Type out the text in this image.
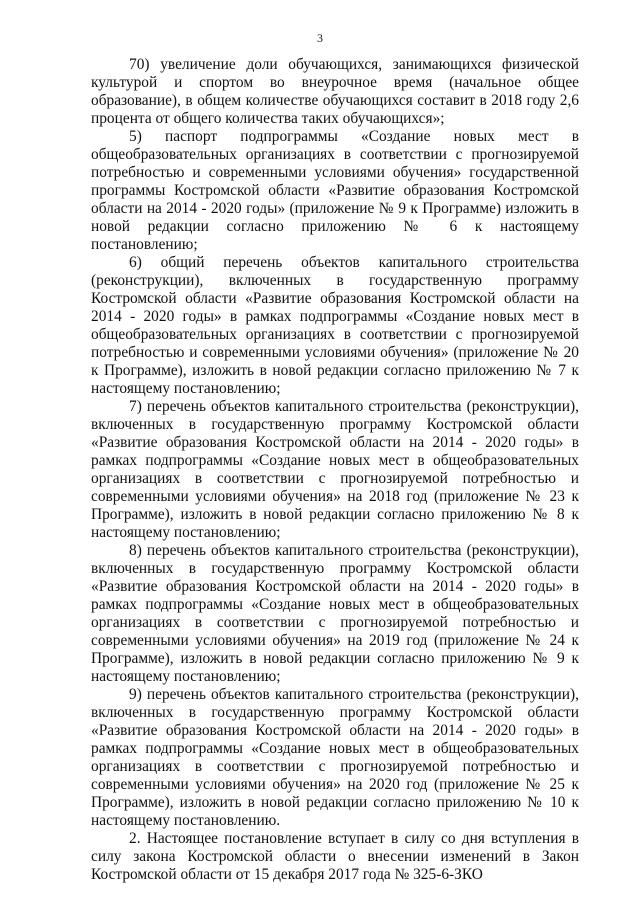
3

70) увеличение доли обучающихся, занимающихся физической культурой и спортом во внеурочное время (начальное общее образование), в общем количестве обучающихся составит в 2018 году 2,6 процента от общего количества таких обучающихся»;

5) паспорт подпрограммы «Создание новых мест в общеобразовательных организациях в соответствии с прогнозируемой потребностью и современными условиями обучения» государственной программы Костромской области «Развитие образования Костромской области на 2014 - 2020 годы» (приложение № 9 к Программе) изложить в новой редакции согласно приложению № 6 к настоящему постановлению;

6) общий перечень объектов капитального строительства (реконструкции), включенных в государственную программу Костромской области «Развитие образования Костромской области на 2014 - 2020 годы» в рамках подпрограммы «Создание новых мест в общеобразовательных организациях в соответствии с прогнозируемой потребностью и современными условиями обучения» (приложение № 20 к Программе), изложить в новой редакции согласно приложению № 7 к настоящему постановлению;

7) перечень объектов капитального строительства (реконструкции), включенных в государственную программу Костромской области «Развитие образования Костромской области на 2014 - 2020 годы» в рамках подпрограммы «Создание новых мест в общеобразовательных организациях в соответствии с прогнозируемой потребностью и современными условиями обучения» на 2018 год (приложение № 23 к Программе), изложить в новой редакции согласно приложению № 8 к настоящему постановлению;

8) перечень объектов капитального строительства (реконструкции), включенных в государственную программу Костромской области «Развитие образования Костромской области на 2014 - 2020 годы» в рамках подпрограммы «Создание новых мест в общеобразовательных организациях в соответствии с прогнозируемой потребностью и современными условиями обучения» на 2019 год (приложение № 24 к Программе), изложить в новой редакции согласно приложению № 9 к настоящему постановлению;

9) перечень объектов капитального строительства (реконструкции), включенных в государственную программу Костромской области «Развитие образования Костромской области на 2014 - 2020 годы» в рамках подпрограммы «Создание новых мест в общеобразовательных организациях в соответствии с прогнозируемой потребностью и современными условиями обучения» на 2020 год (приложение № 25 к Программе), изложить в новой редакции согласно приложению № 10 к настоящему постановлению.

2. Настоящее постановление вступает в силу со дня вступления в силу закона Костромской области о внесении изменений в Закон Костромской области от 15 декабря 2017 года № 325-6-ЗКО
